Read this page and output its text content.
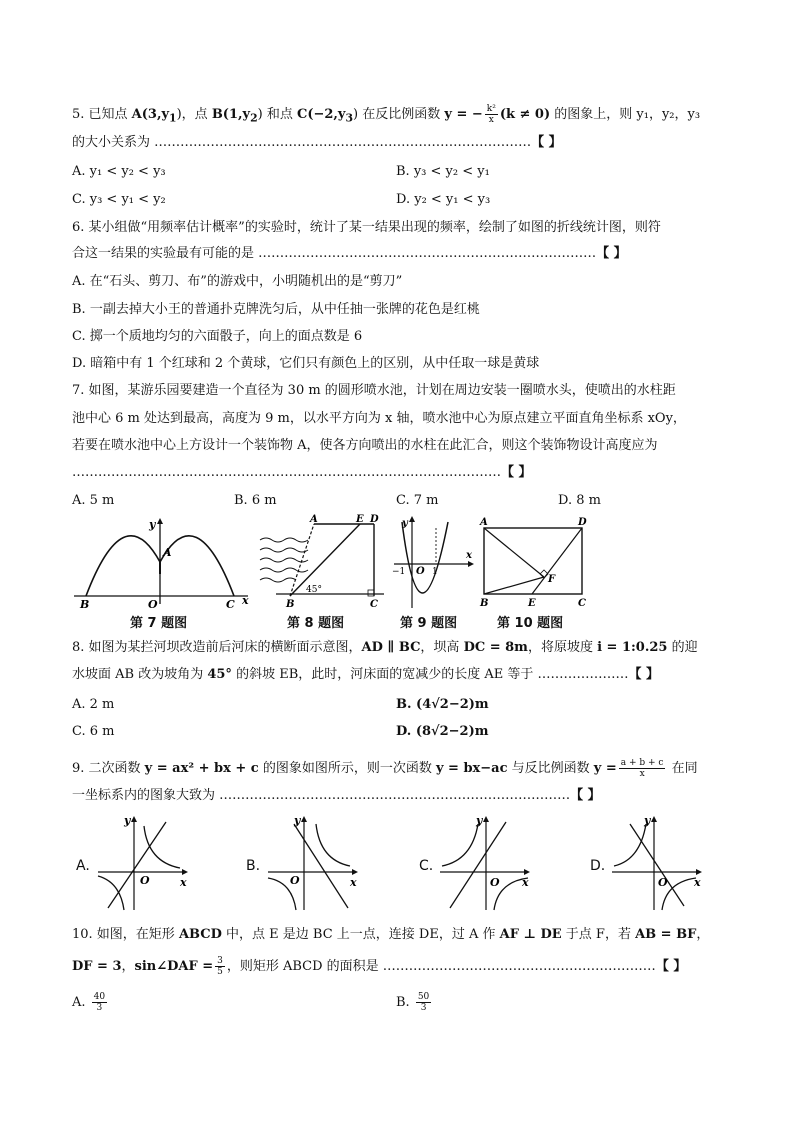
5. 已知点 $A(3,y_1)$，点 $B(1,y_2)$ 和点 $C(-2,y_3)$ 在反比例函数 y = − $\frac{\text{k²}}{x} (k \ne 0)$ 的图象上，则 y₁，y₂，y₃
的大小关系为 ……………………………………………………………………………【 】
A. y₁ < y₂ < y₃	B. y₃ < y₂ < y₁
C. y₃ < y₁ < y₂	D. y₂ < y₁ < y₃
6. 某小组做“用频率估计概率”的实验时，统计了某一结果出现的频率，绘制了如图的折线统计图，则符
合这一结果的实验最有可能的是 ……………………………………………………………………【 】
A. 在“石头、剪刀、布”的游戏中，小明随机出的是“剪刀”
B. 一副去掉大小王的普通扑克牌洗匀后，从中任抽一张牌的花色是红桃
C. 掷一个质地均匀的六面骰子，向上的面点数是 6
D. 暗箱中有 1 个红球和 2 个黄球，它们只有颜色上的区别，从中任取一球是黄球
7. 如图，某游乐园要建造一个直径为 30 m 的圆形喷水池，计划在周边安装一圈喷水头，使喷出的水柱距
池中心 6 m 处达到最高，高度为 9 m，以水平方向为 x 轴，喷水池中心为原点建立平面直角坐标系 xOy，
若要在喷水池中心上方设计一个装饰物 A，使各方向喷出的水柱在此汇合，则这个装饰物设计高度应为
………………………………………………………………………………………【 】
A. 5 m	B. 6 m	C. 7 m	D. 8 m
y
x
A
B	O	C
第 7 题图
A	E D
B	C
45°
第 8 题图
y
x
−1 O 1
第 9 题图
A	D
F
B	E	C
第 10 题图
8. 如图为某拦河坝改造前后河床的横断面示意图，AD ∥ BC，坝高 DC = 8m，将原坡度 i = 1:0.25 的迎
水坡面 AB 改为坡角为 45° 的斜坡 EB，此时，河床面的宽减少的长度 AE 等于 …………………【 】
A. 2 m	B. (4√2−2)m
C. 6 m	D. (8√2−2)m
9. 二次函数 y = ax² + bx + c 的图象如图所示，则一次函数 y = bx−ac 与反比例函数 $y = \frac{a + b + c}{x}$ 在同
一坐标系内的图象大致为 ………………………………………………………………………【 】
A.
y
x
O
B.
y
x
O
C.
y
x
O
D.
y
x
O
10. 如图，在矩形 ABCD 中，点 E 是边 BC 上一点，连接 DE，过 A 作 AF ⊥ DE 于点 F，若 AB = BF，
DF = 3，sin∠DAF = $\frac{3}{5}$ ，则矩形 ABCD 的面积是 ………………………………………………………【 】
A. $\frac{40}{3}$	B. $\frac{50}{3}$
